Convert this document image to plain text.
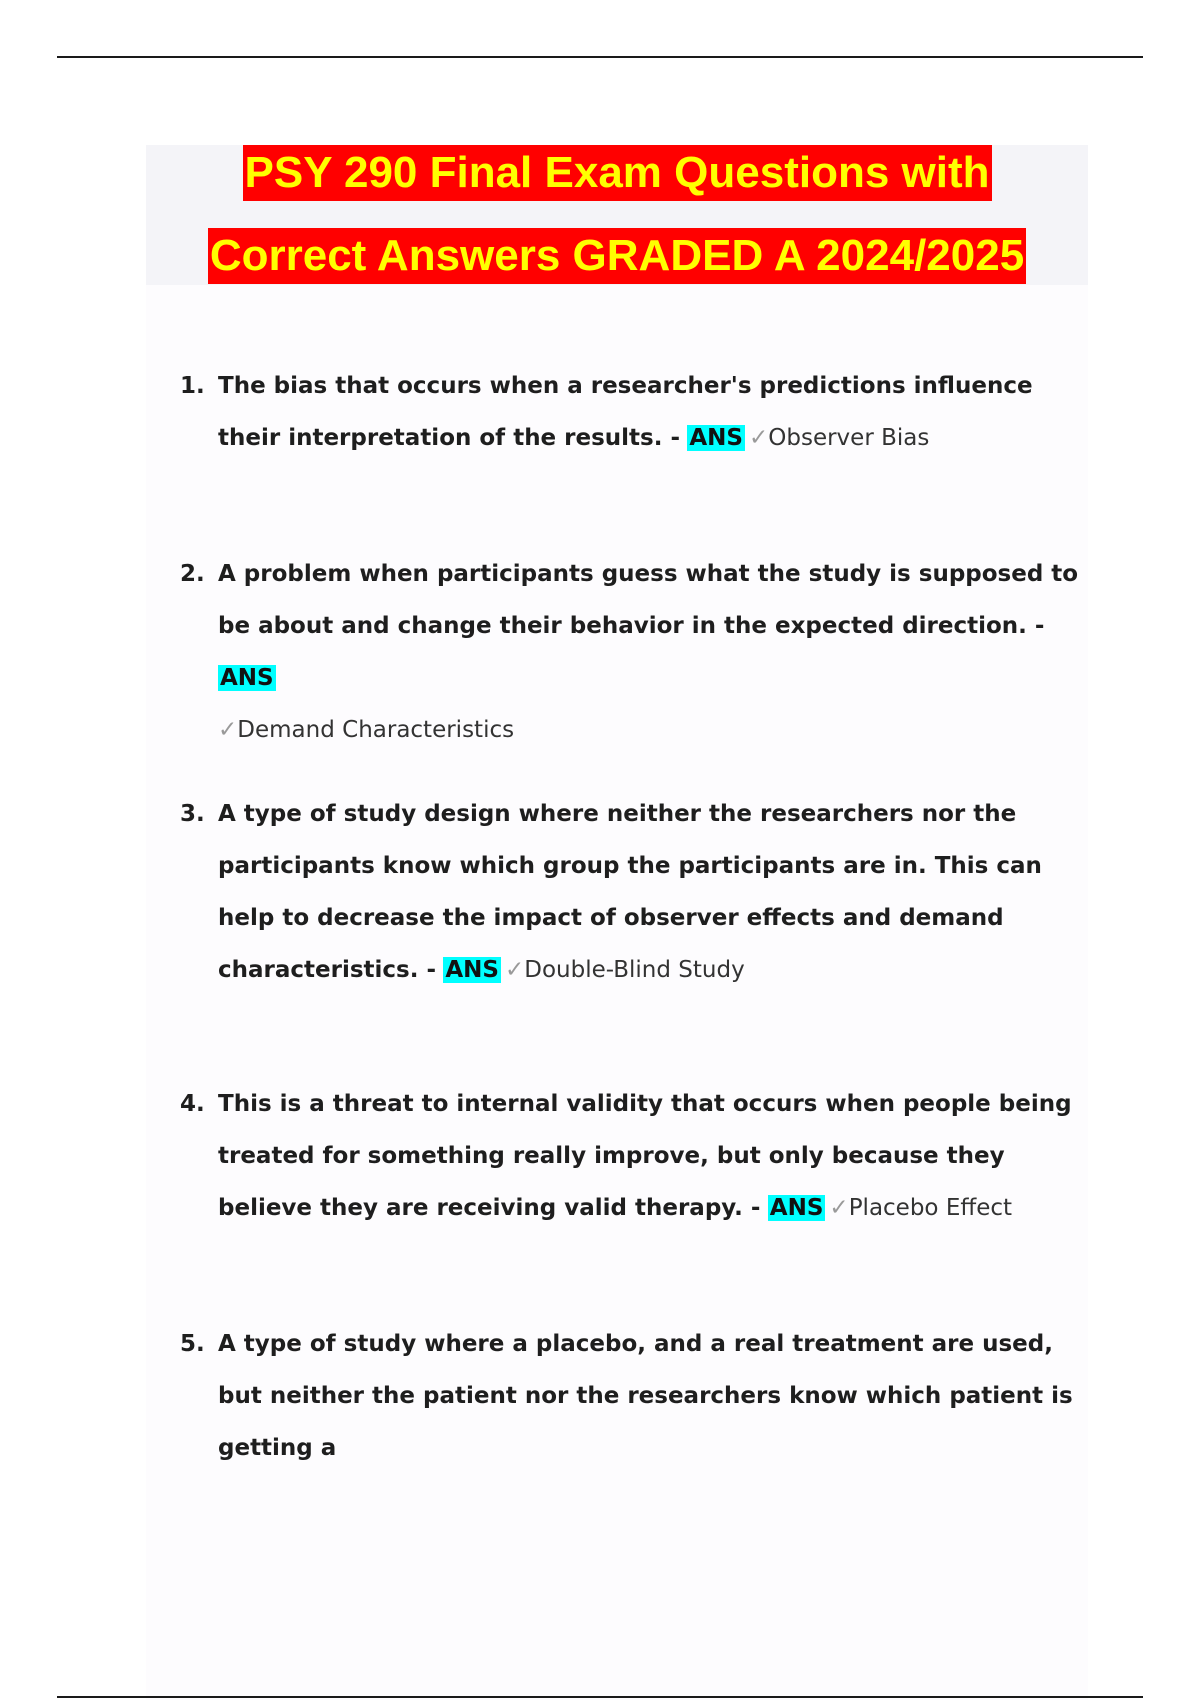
PSY 290 Final Exam Questions with
Correct Answers GRADED A 2024/2025
1. The bias that occurs when a researcher's predictions influence their interpretation of the results. - ANS ✓Observer Bias
2. A problem when participants guess what the study is supposed to be about and change their behavior in the expected direction. - ANS
✓Demand Characteristics
3. A type of study design where neither the researchers nor the participants know which group the participants are in. This can help to decrease the impact of observer effects and demand characteristics. - ANS ✓Double-Blind Study
4. This is a threat to internal validity that occurs when people being treated for something really improve, but only because they believe they are receiving valid therapy. - ANS ✓Placebo Effect
5. A type of study where a placebo, and a real treatment are used, but neither the patient nor the researchers know which patient is getting a
